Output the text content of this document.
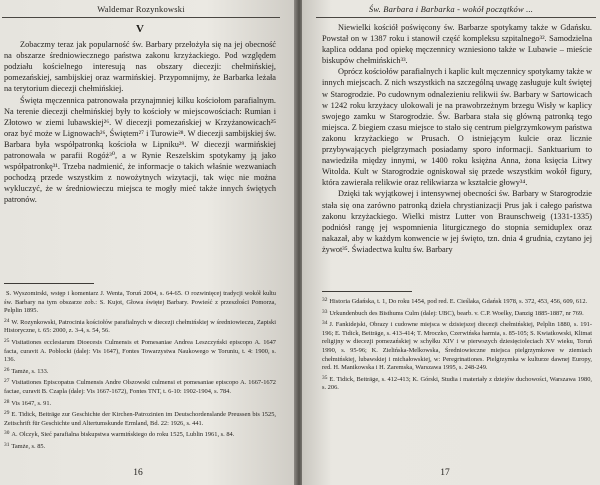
Waldemar Rozynkowski
V

Zobaczmy teraz jak popularność św. Barbary przełożyła się na jej obecność na obszarze średniowiecznego państwa zakonu krzyżackiego. Pod względem podziału kościelnego interesują nas obszary diecezji: chełmińskiej, pomezańskiej, sambijskiej oraz warmińskiej. Przypomnijmy, że Barbarka leżała na terytorium diecezji chełmińskiej.

Święta męczennica patronowała przynajmniej kilku kościołom parafialnym. Na terenie diecezji chełmińskiej były to kościoły w miejscowościach: Rumian i Złotowo w ziemi lubawskiej²⁶. W diecezji pomezańskiej w Krzyżanowicach²⁵ oraz być może w Lignowach²⁶, Świętem²⁷ i Turowie²⁸. W diecezji sambijskiej św. Barbara była współpatronką kościoła w Lipniku²⁹. W diecezji warmińskiej patronowała w parafii Rogóż³⁰, a w Rynie Reszelskim spotykamy ją jako współpatronkę³¹. Trzeba nadmienić, że informacje o takich właśnie wezwaniach pochodzą przede wszystkim z nowożytnych wizytacji, tak więc nie można wykluczyć, że w średniowieczu miejsca te mogły mieć także innych świętych patronów.

S. Wyszomirski, wstęp i komentarz J. Wenta, Toruń 2004, s. 64-65. O rozwinięcej tradycji wokół kultu św. Barbary na tym obszarze zob.: S. Kujot, Głowa świętej Barbary. Powieść z przeszłości Pomorza, Pelplin 1895.
$^{24}$ W. Rozynkowski, Patrocinia kościołów parafialnych w diecezji chełmińskiej w średniowieczu, Zapiski Historyczne, t. 65: 2000, z. 3-4, s. 54, 56.
$^{25}$ Visitationes ecclesiarum Dioecesis Culmensis et Pomesaniae Andrea Leszczyński episcopo A. 1647 facta, curavit A. Poblocki (dalej: Vis 1647), Fontes Towarzystwa Naukowego w Toruniu, t. 4: 1900, s. 136.
$^{26}$ Tamże, s. 133.
$^{27}$ Visitationes Episcopatus Culmensis Andre Olszowski culmensi et pomesaniae episcopo A. 1667-1672 factae, curavit B. Czapla (dalej: Vis 1667-1672), Fontes TNT, t. 6-10: 1902-1904, s. 784.
$^{28}$ Vis 1647, s. 91.
$^{29}$ E. Tidick, Beiträge zur Geschichte der Kirchen-Patrozinien im Deutschordenslande Preussen bis 1525, Zeitschrift für Geschichte und Altertumskunde Ermland, Bd. 22: 1926, s. 441.
$^{30}$ A. Olczyk, Sieć parafialna biskupstwa warmińskiego do roku 1525, Lublin 1961, s. 84.
$^{31}$ Tamże, s. 85.
16
Św. Barbara i Barbarka - wokół początków ...

Niewielki kościół poświęcony św. Barbarze spotykamy także w Gdańsku. Powstał on w 1387 roku i stanowił część kompleksu szpitalnego³². Samodzielna kaplica oddana pod opiekę męczennicy wzniesiono także w Lubawie – mieście biskupów chełmińskich³³.

Oprócz kościołów parafialnych i kaplic kult męczennicy spotykamy także w innych miejscach. Z nich wszystkich na szczególną uwagę zasługuje kult świętej w Starogrodzie. Po cudownym odnalezieniu relikwii św. Barbary w Sartowicach w 1242 roku krzyżacy ulokowali je na prawobrzeżnym brzegu Wisły w kaplicy swojego zamku w Starogrodzie. Św. Barbara stała się główną patronką tego miejsca. Z biegiem czasu miejsce to stało się centrum pielgrzymkowym państwa zakonu krzyżackiego w Prusach. O istniejącym kulcie oraz licznie przybywających pielgrzymach posiadamy sporo informacji. Sanktuarium to nawiedziła między innymi, w 1400 roku księżna Anna, żona księcia Litwy Witolda. Kult w Starogrodzie ogniskował się przede wszystkim wokół figury, która zawierała relikwie oraz relikwiarza w kształcie głowy³⁴.

Dzięki tak wyjątkowej i intensywnej obecności św. Barbary w Starogrodzie stała się ona zarówno patronką dzieła chrystianizacji Prus jak i całego państwa zakonu krzyżackiego. Wielki mistrz Lutter von Braunschweig (1331-1335) podniósł rangę jej wspomnienia liturgicznego do stopnia semiduplex oraz nakazał, aby w każdym konwencie w jej święto, tzn. dnia 4 grudnia, czytano jej żywot³⁵. Świadectwa kultu św. Barbary

$^{32}$ Historia Gdańska, t. 1, Do roku 1454, pod red. E. Cieślaka, Gdańsk 1978, s. 372, 453, 456, 609, 612.
$^{33}$ Urkundenbuch des Bisthums Culm (dalej: UBC), bearb. v. C.P. Woelky, Danzig 1885-1887, nr 769.
$^{34}$ J. Fankidejski, Obrazy i cudowne miejsca w dzisiejszej diecezji chełmińskiej, Pelplin 1880, s. 191-196; E. Tidick, Beiträge, s. 413-414; T. Mroczko, Czerwińska harmia, s. 85-105; S. Kwiatkowski, Klimat religijny w diecezji pomezańskiej w schyłku XIV i w pierwszych dziesięcioleciach XV wieku, Toruń 1990, s. 95-96; K. Zielińska-Melkowska, Średniowieczne miejsca pielgrzymkowe w ziemiach chełmińskiej, lubawskiej i michałowskiej, w: Peregrinationes. Pielgrzymka w kulturze dawnej Europy, red. H. Manikowska i H. Zaremska, Warszawa 1995, s. 248-249.
$^{35}$ E. Tidick, Beiträge, s. 412-413; K. Górski, Studia i materiały z dziejów duchowości, Warszawa 1980, s. 206.
17
